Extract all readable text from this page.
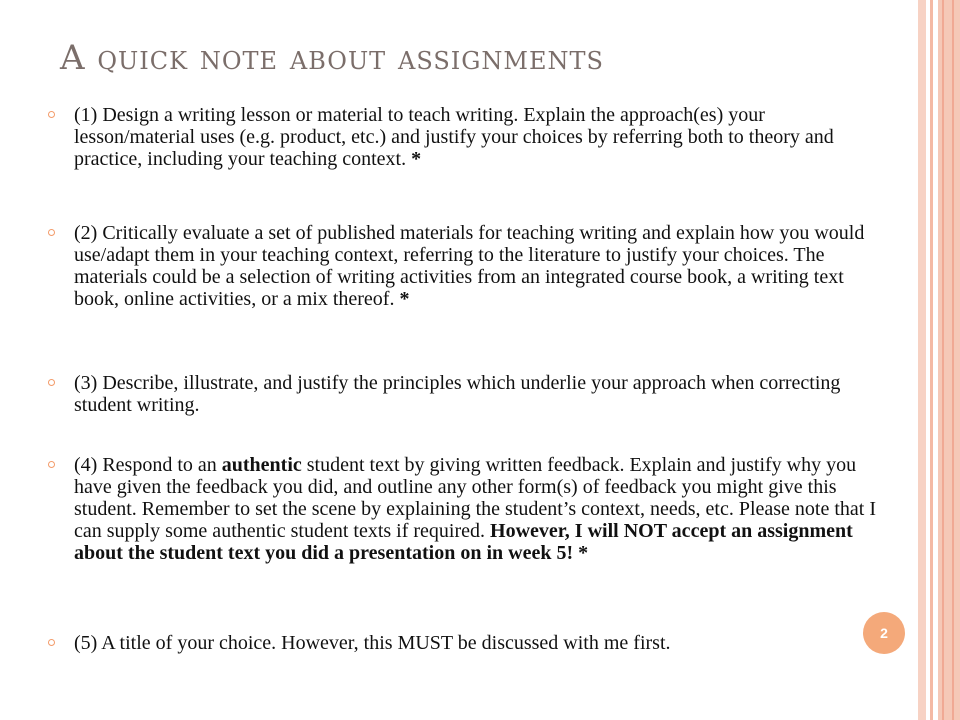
A quick note about assignments
(1) Design a writing lesson or material to teach writing. Explain the approach(es) your lesson/material uses (e.g. product, etc.) and justify your choices by referring both to theory and practice, including your teaching context. *
(2) Critically evaluate a set of published materials for teaching writing and explain how you would use/adapt them in your teaching context, referring to the literature to justify your choices. The materials could be a selection of writing activities from an integrated course book, a writing text book, online activities, or a mix thereof. *
(3) Describe, illustrate, and justify the principles which underlie your approach when correcting student writing.
(4) Respond to an authentic student text by giving written feedback. Explain and justify why you have given the feedback you did, and outline any other form(s) of feedback you might give this student. Remember to set the scene by explaining the student’s context, needs, etc. Please note that I can supply some authentic student texts if required. However, I will NOT accept an assignment about the student text you did a presentation on in week 5! *
(5) A title of your choice. However, this MUST be discussed with me first.	2
